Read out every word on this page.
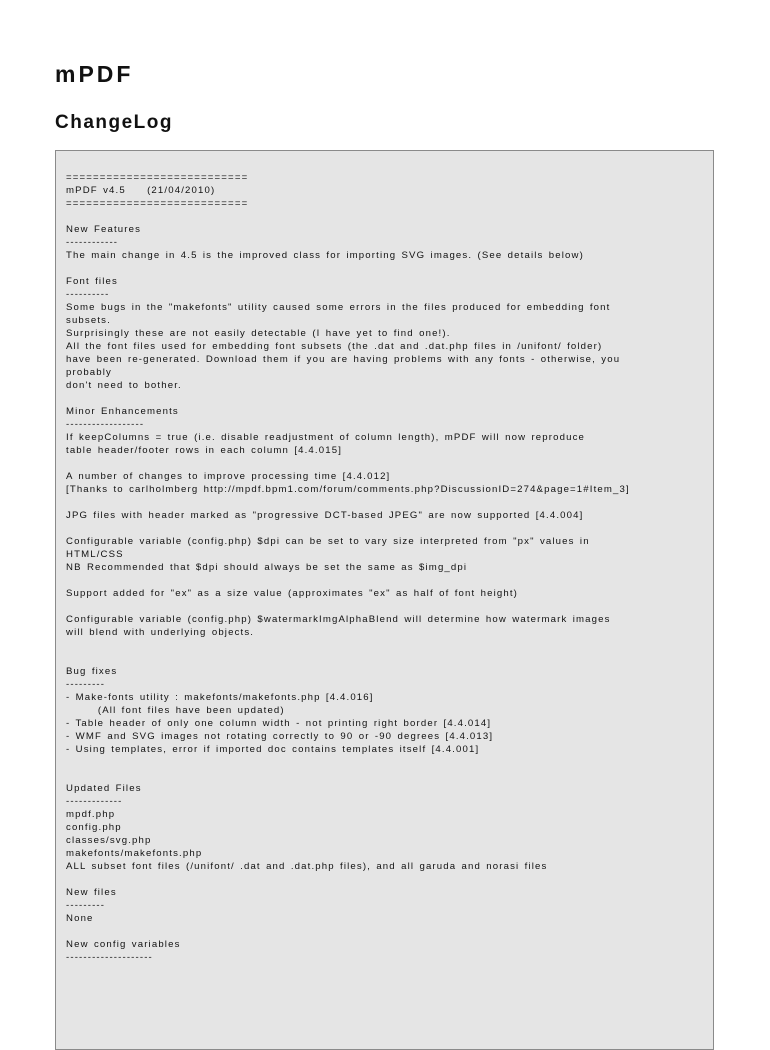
mPDF
ChangeLog
===========================
mPDF v4.5    (21/04/2010)
===========================
New Features
------------
The main change in 4.5 is the improved class for importing SVG images. (See details below)
Font files
----------
Some bugs in the "makefonts" utility caused some errors in the files produced for embedding font
subsets.
Surprisingly these are not easily detectable (I have yet to find one!).
All the font files used for embedding font subsets (the .dat and .dat.php files in /unifont/ folder)
have been re-generated. Download them if you are having problems with any fonts - otherwise, you
probably
don't need to bother.
Minor Enhancements
------------------
If keepColumns = true (i.e. disable readjustment of column length), mPDF will now reproduce
table header/footer rows in each column [4.4.015]
A number of changes to improve processing time [4.4.012]
[Thanks to carlholmberg http://mpdf.bpm1.com/forum/comments.php?DiscussionID=274&page=1#Item_3]
JPG files with header marked as "progressive DCT-based JPEG" are now supported [4.4.004]
Configurable variable (config.php) $dpi can be set to vary size interpreted from "px" values in
HTML/CSS
NB Recommended that $dpi should always be set the same as $img_dpi
Support added for "ex" as a size value (approximates "ex" as half of font height)
Configurable variable (config.php) $watermarkImgAlphaBlend will determine how watermark images
will blend with underlying objects.
Bug fixes
---------
- Make-fonts utility : makefonts/makefonts.php [4.4.016]
(All font files have been updated)
- Table header of only one column width - not printing right border [4.4.014]
- WMF and SVG images not rotating correctly to 90 or -90 degrees [4.4.013]
- Using templates, error if imported doc contains templates itself [4.4.001]
Updated Files
-------------
mpdf.php
config.php
classes/svg.php
makefonts/makefonts.php
ALL subset font files (/unifont/ .dat and .dat.php files), and all garuda and norasi files
New files
---------
None
New config variables
--------------------
